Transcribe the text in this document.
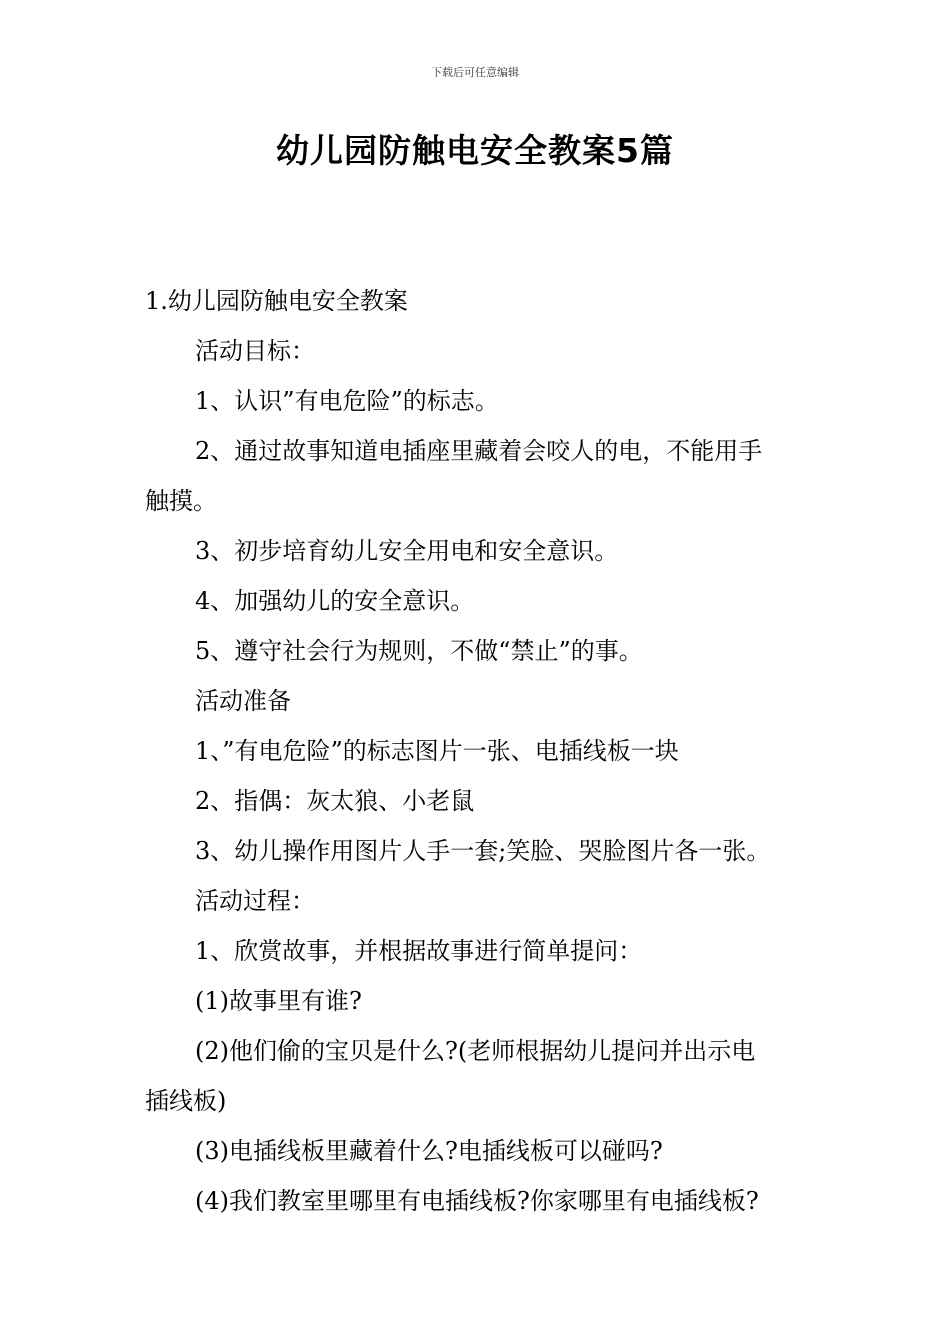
下载后可任意编辑
幼儿园防触电安全教案5篇

1.幼儿园防触电安全教案

活动目标：

1、认识”有电危险”的标志。

2、通过故事知道电插座里藏着会咬人的电，不能用手

触摸。

3、初步培育幼儿安全用电和安全意识。

4、加强幼儿的安全意识。

5、遵守社会行为规则，不做“禁止”的事。

活动准备

1、”有电危险”的标志图片一张、电插线板一块

2、指偶：灰太狼、小老鼠

3、幼儿操作用图片人手一套;笑脸、哭脸图片各一张。

活动过程：

1、欣赏故事，并根据故事进行简单提问：

(1)故事里有谁?

(2)他们偷的宝贝是什么?(老师根据幼儿提问并出示电

插线板)

(3)电插线板里藏着什么?电插线板可以碰吗?

(4)我们教室里哪里有电插线板?你家哪里有电插线板?
